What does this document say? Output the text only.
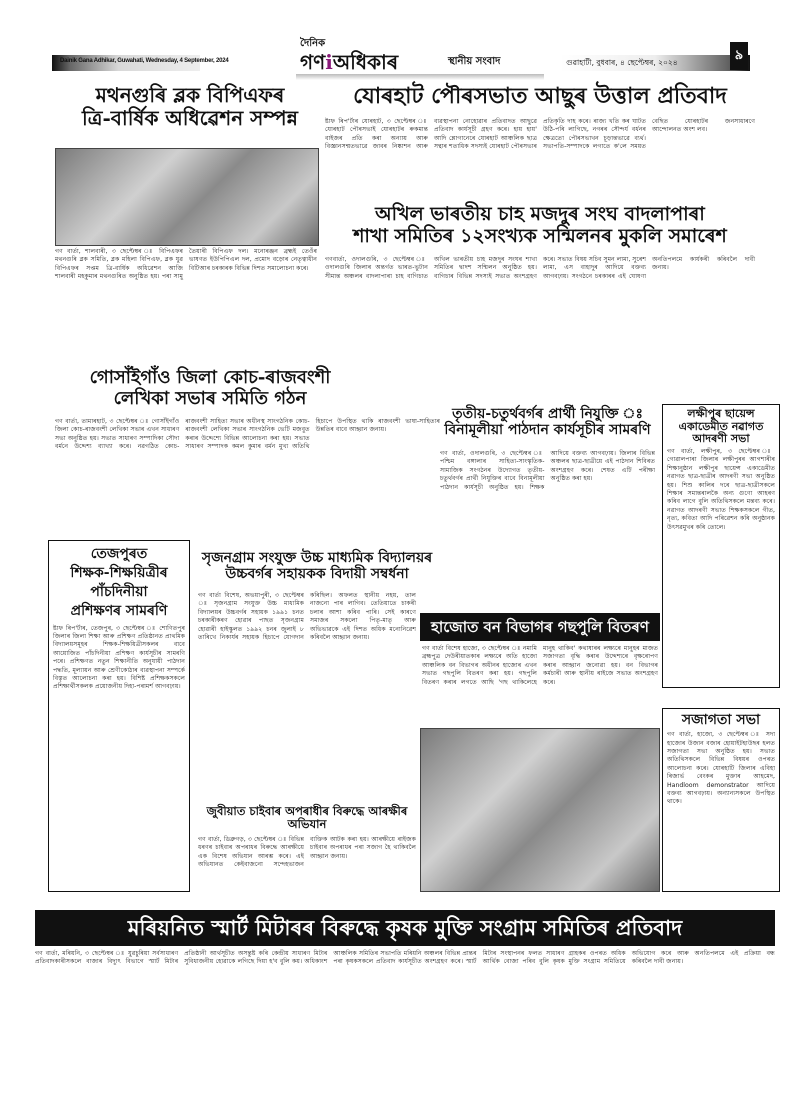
Dainik Gana Adhikar, Guwahati, Wednesday, 4 September, 2024
দৈনিক
গণiঅধিকাৰ	স্থানীয় সংবাদ	গুৱাহাটী, বুধবাৰ, ৪ ছেপ্টেম্বৰ, ২০২৪	৯
মথনগুৰি ব্লক বিপিএফৰ
ত্ৰি-বাৰ্ষিক অধিৱেশন সম্পন্ন
গণ বাৰ্তা, শালবাৰী, ৩ ছেপ্টেম্বৰ ঃ বিপিএফৰ মথনগুৰি ব্লক সমিতি, ব্লক মহিলা বিপিএফ, ব্লক যুৱ বিপিএফৰ সপ্তম ত্ৰি-বাৰ্ষিক অধিৱেশন আজি শালবাৰী মহকুমাৰ মথনগুৰিত অনুষ্ঠিত হয়। পৰা সামু তৈয়াৰী বিপিএফ দল। মনোৰঞ্জন ব্ৰহ্মই তেওঁৰ ভাষণত ইউপিপিএল দল, প্ৰমোদ বড়োৰ নেতৃত্বাধীন বিটিআৰ চৰকাৰক বিভিন্ন দিশত সমালোচনা কৰে।
যোৰহাট পৌৰসভাত আছুৰ উত্তাল প্ৰতিবাদ
ষ্টাফ ৰিপ'ৰ্টাৰ যোৰহাট, ৩ ছেপ্টেম্বৰ ঃ যোৰহাট পৌৰসভাই যোৰহাটৰ ৰুকমান্ত বাইজৰ প্ৰতি কৰা অন্যায় আৰু বিজ্ঞানসন্মতভাৱে জাবৰ নিষ্কাশন আৰু ব্যৱস্থাপনা নোহোৱাৰ প্ৰতিবাদত আছুৱে প্ৰতিবাদ কাৰ্যসূচী গ্ৰহণ কৰে। হায় হায়' আদি শ্লোগানেৰে যোৰহাট আঞ্চলিক ছাত্ৰ সন্থাৰ শতাধিক সদস্যই যোৰহাট পৌৰসভাৰ প্ৰতিকৃতি দাহ কৰে। ৰাজ্য খতি কৰ ঘাটত উঠি-পৰি লাগিছে, নগৰৰ সৌন্দৰ্য বৰ্ধনৰ ক্ষেত্ৰতো পৌৰসভাখন চূড়ান্তভাৱে ব্যৰ্থ। সভাপতি-সম্পাদকে লগাতে ক'লে সময়ত বেছিত যোৰহাটৰ জনসাধাৰণে আন্দোলনত অংশ লব।
অখিল ভাৰতীয় চাহ মজদুৰ সংঘ বাদলাপাৰা
শাখা সমিতিৰ ১২সংখ্যক সন্মিলনৰ মুকলি সমাৰেশ
গণবাৰ্তা, ওদালগুৰি, ৩ ছেপ্টেম্বৰ ঃ ওদালগুৰি জিলাৰ অন্তৰ্গত ভাৰত-ভুটান সীমান্ত অঞ্চলৰ বাদলাপাৰা চাহ বাগিচাত অখিল ভাৰতীয় চাহ মজদুৰ সংঘৰ শাখা সমিতিৰ দ্বাদশ সন্মিলন অনুষ্ঠিত হয়। বাগিচাৰ বিভিন্ন সদস্যই সভাত অংশগ্ৰহণ কৰে। সভাত বিষয় সচিব সুমন লামা, সুৰেশ লামা, এস বাহাদুৰ আদিয়ে বক্তব্য আগবঢ়ায়। সংগঠনে চৰকাৰৰ এই ঘোষণা অনতিপলমে কাৰ্যকৰী কৰিবলৈ দাবী জনায়।
গোসাঁইগাঁও জিলা কোচ-ৰাজবংশী
লেখিকা সভাৰ সমিতি গঠন
গণ বাৰ্তা, তামাৰহাট, ৩ ছেপ্টেম্বৰ ঃ গোসাঁইগাঁও জিলা কোচ-ৰাজবংশী লেখিকা সভাৰ এখন সাধাৰণ সভা অনুষ্ঠিত হয়। সভাত সাধাৰণ সম্পাদিকা সৌদা বৰ্মনে উদ্দেশ্য ব্যাখ্যা কৰে। নৱগঠিত কোচ-ৰাজবংশী সাহিত্য সভাৰ অধীনস্থ সাংগঠনিক কোচ-ৰাজবংশী লেখিকা সভাৰ সাংগঠনিক ভেটি মজবুত কৰাৰ উদ্দেশ্যে বিভিন্ন আলোচনা কৰা হয়। সভাত সাধাৰণ সম্পাদক কমল কুমাৰ বৰ্মন মুখ্য অতিথি হিচাপে উপস্থিত থাকি ৰাজবংশী ভাষা-সাহিত্যৰ উন্নতিৰ বাবে আহ্বান জনায়।
তৃতীয়-চতুৰ্থবৰ্গৰ প্ৰাৰ্থী নিযুক্তি ঃ
বিনামূলীয়া পাঠদান কাৰ্যসূচীৰ সামৰণি
গণ বাৰ্তা, ওদালগুৰি, ৩ ছেপ্টেম্বৰ ঃ পশ্চিম বঙ্গালাৰ সাহিত্য-সাংস্কৃতিক-সামাজিক সংগঠনৰ উদ্যোগত তৃতীয়-চতুৰ্থবৰ্গৰ প্ৰাৰ্থী নিযুক্তিৰ বাবে বিনামূলীয়া পাঠদান কাৰ্যসূচী অনুষ্ঠিত হয়। শিক্ষক আদিয়ে বক্তব্য আগবঢ়ায়। জিলাৰ বিভিন্ন অঞ্চলৰ ছাত্ৰ-ছাত্ৰীয়ে এই পাঠদান শিবিৰত অংশগ্ৰহণ কৰে। শেষত এটি পৰীক্ষা অনুষ্ঠিত কৰা হয়।
লক্ষীপুৰ ছায়েন্স একাডেমীত নৱাগত আদৰণী সভা
গণ বাৰ্তা, লক্ষীপুৰ, ৩ ছেপ্টেম্বৰ ঃ গোৱালপাৰা জিলাৰ লক্ষীপুৰৰ আগশাৰীৰ শিক্ষানুষ্ঠান লক্ষীপুৰ ছায়েন্স একাডেমীত নৱাগত ছাত্ৰ-ছাত্ৰীৰ আদৰণী সভা অনুষ্ঠিত হয়। শিশু কালিৰ দৰে ছাত্ৰ-ছাত্ৰীসকলে শিক্ষাৰ সমান্তৰালকৈ অন্য গুণো আহৰণ কৰিব লাগে বুলি অতিথিসকলে মন্তব্য কৰে। নৱাগত আদৰণী সভাত শিক্ষকসকলে গীত, নৃত্য, কবিতা আদি পৰিৱেশন কৰি অনুষ্ঠানক উৎসৱমুখৰ কৰি তোলে।
সজাগতা সভা
গণ বাৰ্তা, হাজো, ৩ ছেপ্টেম্বৰ ঃ সদা হাজোৰ উজান বজাৰ হোয়াইটহাউছৰ হলত সজাগতা সভা অনুষ্ঠিত হয়। সভাত অতিথিসকলে বিভিন্ন বিষয়ৰ ওপৰত আলোচনা কৰে। যোৰহাটি জিলাৰ এবিহা ৰিজাৰ্ভ বেংকৰ মুক্তাৰ আহমেদ, Handloom demonstrator আদিয়ে বক্তব্য আগবঢ়ায়। অন্যান্যসকলে উপস্থিত থাকে।
তেজপুৰত
শিক্ষক-শিক্ষয়িত্ৰীৰ
পাঁচদিনীয়া
প্ৰশিক্ষণৰ সামৰণি
ষ্টাফ ৰিপ'ৰ্টাৰ, তেজপুৰ, ৩ ছেপ্টেম্বৰ ঃ শোণিতপুৰ জিলাৰ জিলা শিক্ষা আৰু প্ৰশিক্ষণ প্ৰতিষ্ঠানত প্ৰাথমিক বিদ্যালয়সমূহৰ শিক্ষক-শিক্ষয়িত্ৰীসকলৰ বাবে আয়োজিত পাঁচদিনীয়া প্ৰশিক্ষণ কাৰ্যসূচীৰ সামৰণি পৰে। প্ৰশিক্ষণত নতুন শিক্ষানীতি অনুযায়ী পাঠদান পদ্ধতি, মূল্যায়ন আৰু শ্ৰেণীকোঠাৰ ব্যৱস্থাপনা সম্পৰ্কে বিস্তৃত আলোচনা কৰা হয়। বিশিষ্ট প্ৰশিক্ষকসকলে প্ৰশিক্ষাৰ্থীসকলক প্ৰয়োজনীয় দিহা-পৰামৰ্শ আগবঢ়ায়।
সৃজনগ্ৰাম সংযুক্ত উচ্চ মাধ্যমিক বিদ্যালয়ৰ
উচ্চবৰ্গৰ সহায়কক বিদায়ী সম্বৰ্ধনা
গণ বাৰ্তা বিশেষ, অভয়াপুৰী, ৩ ছেপ্টেম্বৰ ঃ সৃজনগ্ৰাম সংযুক্ত উচ্চ মাধ্যমিক বিদ্যালয়ৰ উচ্চবৰ্গৰ সহায়ক ১৯৯১ চনত চৰকাৰীকৰণ হোৱাৰ পাছত সৃজনগ্ৰাম হোৱাৰী হাইস্কুলত ১৯৯২ চনৰ জুলাই ৮ তাৰিখে নিকাৰ্যৰ সহায়ক হিচাপে যোগদান কৰিছিল। অফলত স্থানীয় নহয়, তাল নাজনো পাৰ লাগিব। তেতিয়াতে চাকৰী চলাৰ আশা কৰিব পাৰি। সেই কাৰণে সমাজৰ সকলো পিতৃ-মাতৃ আৰু অভিভাৱকে এই দিশত অধিক মনোনিৱেশ কৰিবলৈ আহ্বান জনায়।
হাজোত বন বিভাগৰ গছপুলি বিতৰণ
গণ বাৰ্তা বিশেষ হাজো, ৩ ছেপ্টেম্বৰ ঃ নমামি ব্ৰহ্মপুত্ৰ দেউৰীয়াতকাৰ লক্ষ্যৰে অতি হাজো আঞ্চলিক বন বিভাগৰ অধীনৰ হাজোৰ এখন সভাত গছপুলি বিতৰণ কৰা হয়। গছপুলি বিতৰণ কৰাৰ লগতে আছি 'গছ থাকিলেহে মানুহ থাকিব' কথাষাৰৰ লক্ষ্যৰে মানুহৰ মাজত সজাগতা বৃদ্ধি কৰাৰ উদ্দেশ্যৰে বৃক্ষৰোপণ কৰাৰ আহ্বান জনোৱা হয়। বন বিভাগৰ কৰ্মচাৰী আৰু স্থানীয় ৰাইজে সভাত অংশগ্ৰহণ কৰে।
জুবীয়াত চাইবাৰ অপৰাধীৰ বিৰুদ্ধে আৰক্ষীৰ অভিযান
গণ বাৰ্তা, ডিব্ৰুগড়, ৩ ছেপ্টেম্বৰ ঃ বিভিন্ন ধৰণৰ চাইবাৰ অপৰাধৰ বিৰুদ্ধে আৰক্ষীয়ে এক বিশেষ অভিযান আৰম্ভ কৰে। এই অভিযানত কেইবাজনো সন্দেহভাজন ব্যক্তিক আটক কৰা হয়। আৰক্ষীয়ে ৰাইজক চাইবাৰ অপৰাধৰ পৰা সজাগ হৈ থাকিবলৈ আহ্বান জনায়।
মৰিয়নিত স্মাৰ্ট মিটাৰৰ বিৰুদ্ধে কৃষক মুক্তি সংগ্ৰাম সমিতিৰ প্ৰতিবাদ
গণ বাৰ্তা, মৰিয়নি, ৩ ছেপ্টেম্বৰ ঃ যুৱচুৰিয়া সৰ্বসাধাৰণ প্ৰতিবাদকাৰীসকলে বাজাৰ বিদ্যুৎ বিভাগে স্মাৰ্ট মিটাৰ প্ৰতিষ্ঠানী আৰ্থসূচীত অসন্তুষ্ট কৰি কেন্দ্ৰীয় সাধাৰণ মিটাৰ সুবিধাজনীয় হোৱাকে লগিছে দিয়া হ'ব বুলি কয়। অধিকাংশ আঞ্চলিক সমিতিৰ সভাপতি মৰিয়নি অঞ্চলৰ বিভিন্ন প্ৰান্তৰ পৰা কৃষকসকলে প্ৰতিবাদ কাৰ্যসূচীত অংশগ্ৰহণ কৰে। স্মাৰ্ট মিটাৰ সংস্থাপনৰ ফলত সাধাৰণ গ্ৰাহকৰ ওপৰত অধিক আৰ্থিক বোজা পৰিব বুলি কৃষক মুক্তি সংগ্ৰাম সমিতিয়ে অভিযোগ কৰে আৰু অনতিপলমে এই প্ৰক্ৰিয়া বন্ধ কৰিবলৈ দাবী জনায়।
